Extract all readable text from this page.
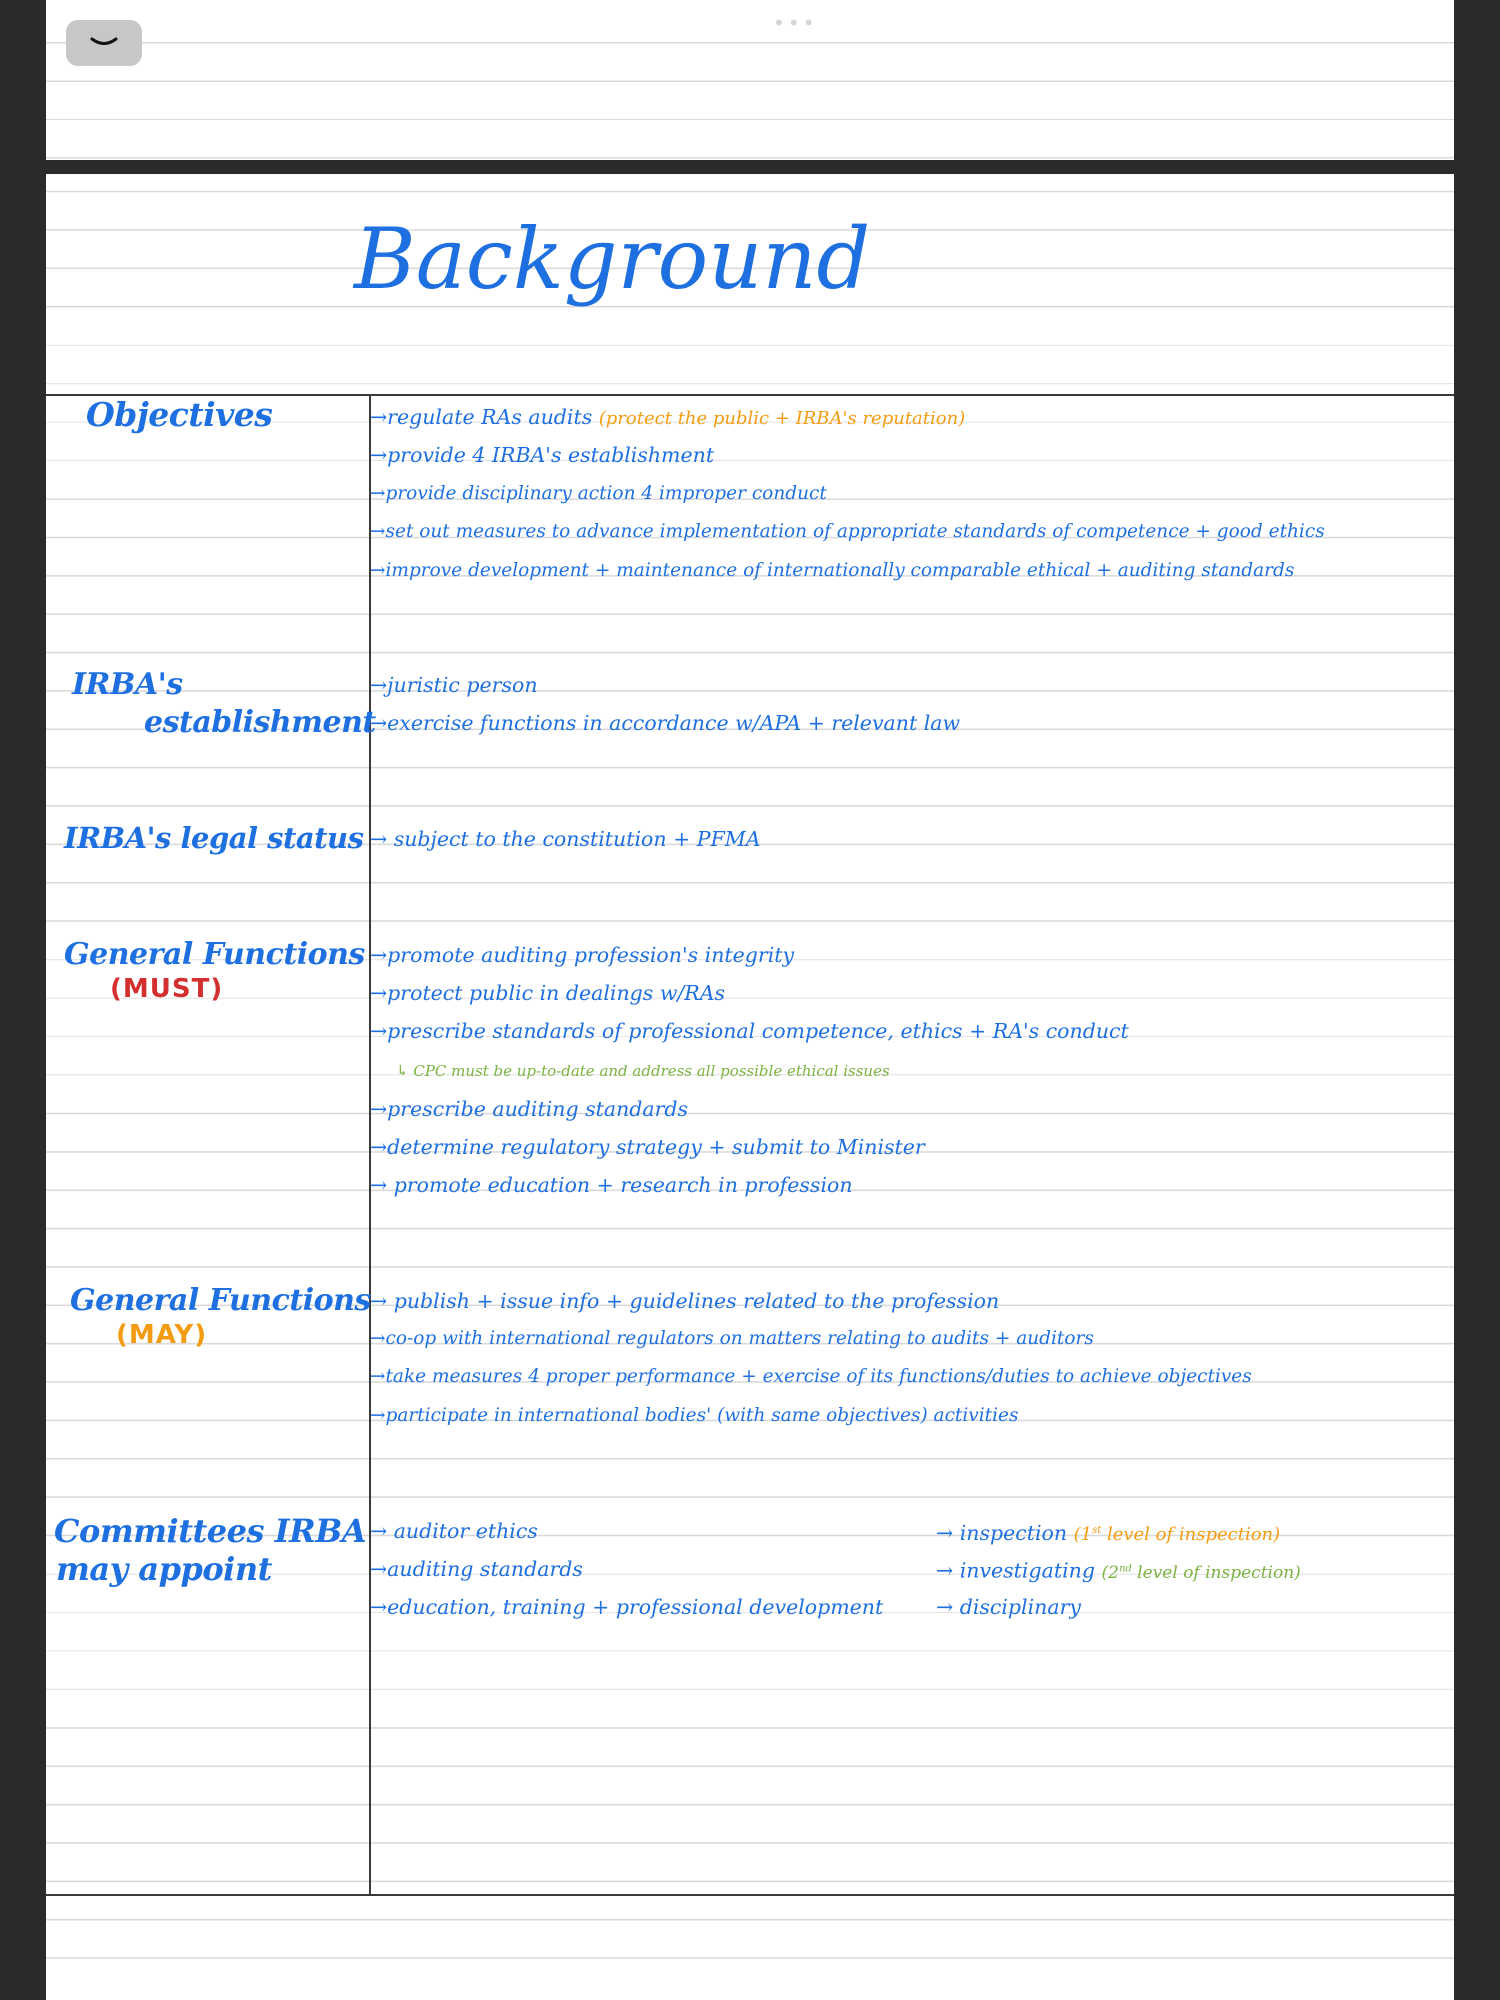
•••
Background
Objectives	→regulate RAs audits (protect the public + IRBA's reputation)
→provide 4 IRBA's establishment
→provide disciplinary action 4 improper conduct
→set out measures to advance implementation of appropriate standards of competence + good ethics
→improve development + maintenance of internationally comparable ethical + auditing standards
IRBA's
establishment
→juristic person
→exercise functions in accordance w/APA + relevant law
IRBA's legal status → subject to the constitution + PFMA
General Functions
(MUST)
→promote auditing profession's integrity
→protect public in dealings w/RAs
→prescribe standards of professional competence, ethics + RA's conduct
↳ CPC must be up-to-date and address all possible ethical issues
→prescribe auditing standards
→determine regulatory strategy + submit to Minister
→ promote education + research in profession
General Functions
(MAY)
→ publish + issue info + guidelines related to the profession
→co-op with international regulators on matters relating to audits + auditors
→take measures 4 proper performance + exercise of its functions/duties to achieve objectives
→participate in international bodies' (with same objectives) activities
Committees IRBA
may appoint
→ auditor ethics
→auditing standards
→education, training + professional development
→ inspection (1st level of inspection)
→ investigating (2nd level of inspection)
→ disciplinary
